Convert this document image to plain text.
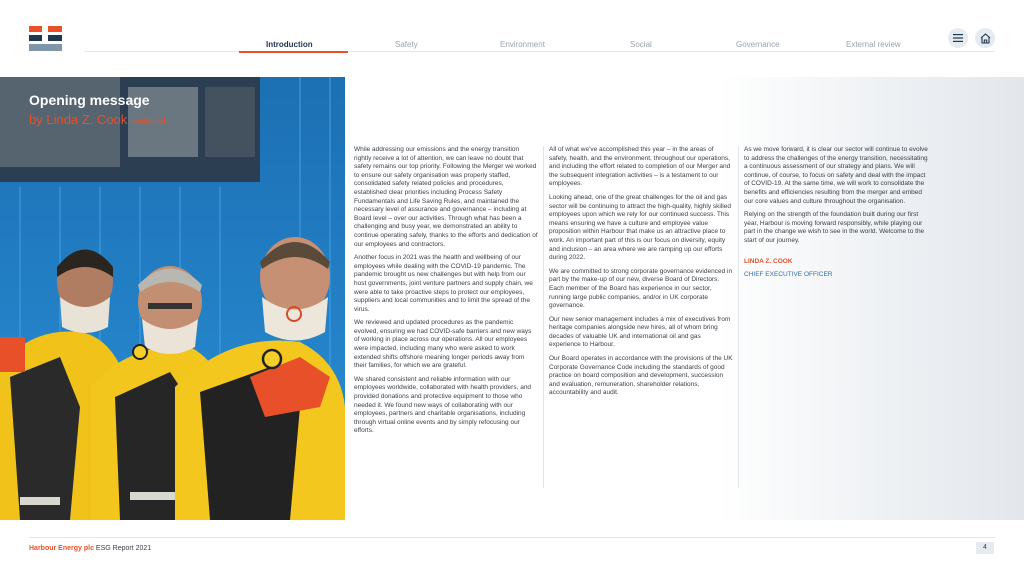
Introduction	Safety	Environment	Social	Governance	External review
Opening message
by Linda Z. Cook continued

While addressing our emissions and the energy transition rightly receive a lot of attention, we can leave no doubt that safety remains our top priority. Following the Merger we worked to ensure our safety organisation was properly staffed, consolidated safety related policies and procedures, established clear priorities including Process Safety Fundamentals and Life Saving Rules, and maintained the necessary level of assurance and governance – including at Board level – over our activities. Through what has been a challenging and busy year, we demonstrated an ability to continue operating safely, thanks to the efforts and dedication of our employees and contractors.

Another focus in 2021 was the health and wellbeing of our employees while dealing with the COVID-19 pandemic. The pandemic brought us new challenges but with help from our host governments, joint venture partners and supply chain, we were able to take proactive steps to protect our employees, suppliers and local communities and to limit the spread of the virus.

We reviewed and updated procedures as the pandemic evolved, ensuring we had COVID-safe barriers and new ways of working in place across our operations. All our employees were impacted, including many who were asked to work extended shifts offshore meaning longer periods away from their families, for which we are grateful.

We shared consistent and reliable information with our employees worldwide, collaborated with health providers, and provided donations and protective equipment to those who needed it. We found new ways of collaborating with our employees, partners and charitable organisations, including through virtual online events and by simply refocusing our efforts.

All of what we've accomplished this year – in the areas of safety, health, and the environment, throughout our operations, and including the effort related to completion of our Merger and the subsequent integration activities – is a testament to our employees.

Looking ahead, one of the great challenges for the oil and gas sector will be continuing to attract the high-quality, highly skilled employees upon which we rely for our continued success. This means ensuring we have a culture and employee value proposition within Harbour that make us an attractive place to work. An important part of this is our focus on diversity, equity and inclusion – an area where we are ramping up our efforts during 2022.

We are committed to strong corporate governance evidenced in part by the make-up of our new, diverse Board of Directors. Each member of the Board has experience in our sector, running large public companies, and/or in UK corporate governance.

Our new senior management includes a mix of executives from heritage companies alongside new hires, all of whom bring decades of valuable UK and international oil and gas experience to Harbour.

Our Board operates in accordance with the provisions of the UK Corporate Governance Code including the standards of good practice on board composition and development, succession and evaluation, remuneration, shareholder relations, accountability and audit.

As we move forward, it is clear our sector will continue to evolve to address the challenges of the energy transition, necessitating a continuous assessment of our strategy and plans. We will continue, of course, to focus on safety and deal with the impact of COVID-19. At the same time, we will work to consolidate the benefits and efficiencies resulting from the merger and embed our core values and culture throughout the organisation.

Relying on the strength of the foundation built during our first year, Harbour is moving forward responsibly, while playing our part in the change we wish to see in the world. Welcome to the start of our journey.

LINDA Z. COOK

CHIEF EXECUTIVE OFFICER

Harbour Energy plc ESG Report 2021	4
